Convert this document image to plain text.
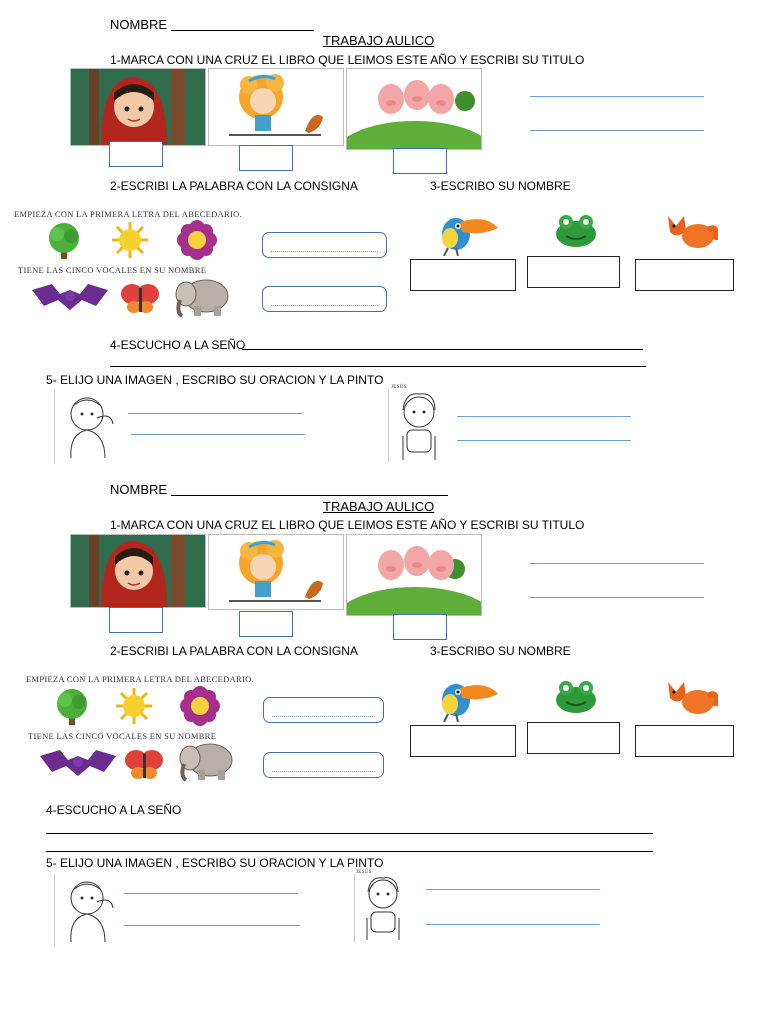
NOMBRE
TRABAJO AULICO
1-MARCA CON UNA CRUZ EL LIBRO QUE LEIMOS ESTE AÑO Y ESCRIBI SU TITULO
2-ESCRIBI LA PALABRA CON LA CONSIGNA	3-ESCRIBO SU NOMBRE
EMPIEZA CON LA PRIMERA LETRA DEL ABECEDARIO.
TIENE LAS CINCO VOCALES EN SU NOMBRE
4-ESCUCHO A LA SEÑO
5- ELIJO UNA IMAGEN , ESCRIBO SU ORACION Y LA PINTO
JESÚS
NOMBRE
TRABAJO AULICO
1-MARCA CON UNA CRUZ EL LIBRO QUE LEIMOS ESTE AÑO Y ESCRIBI SU TITULO
2-ESCRIBI LA PALABRA CON LA CONSIGNA	3-ESCRIBO SU NOMBRE
EMPIEZA CON LA PRIMERA LETRA DEL ABECEDARIO.
TIENE LAS CINCO VOCALES EN SU NOMBRE
4-ESCUCHO A LA SEÑO
5- ELIJO UNA IMAGEN , ESCRIBO SU ORACION Y LA PINTO
JESÚS
